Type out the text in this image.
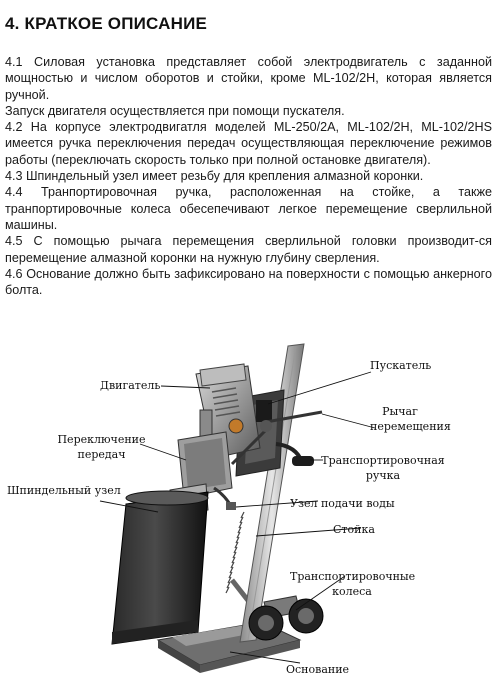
4. КРАТКОЕ ОПИСАНИЕ

4.1 Силовая установка представляет собой электродвигатель с заданной мощностью и числом оборотов и стойки, кроме ML-102/2H, которая является ручной.

Запуск двигателя осуществляется при помощи пускателя.

4.2 На корпусе электродвигатля моделей ML-250/2A, ML-102/2H, ML-102/2HS имеется ручка переключения передач осуществляющая переключение режимов работы (переключать скорость только при полной остановке двигателя).

4.3 Шпиндельный узел имеет резьбу для крепления алмазной коронки.

4.4 Транпортировочная ручка, расположенная на стойке, а также транпортировочные колеса обесепечивают легкое перемещение сверлильной машины.

4.5 С помощью рычага перемещения сверлильной головки производит-ся перемещение алмазной коронки на нужную глубину сверления.

4.6 Основание должно быть зафиксировано на поверхности с помощью анкерного болта.

Двигатель
Переключение
передач
Шпиндельный узел
Пускатель
Рычаг
перемещения
Транспортировочная
ручка
Узел подачи воды
Стойка
Транспортировочные
колеса
Основание
